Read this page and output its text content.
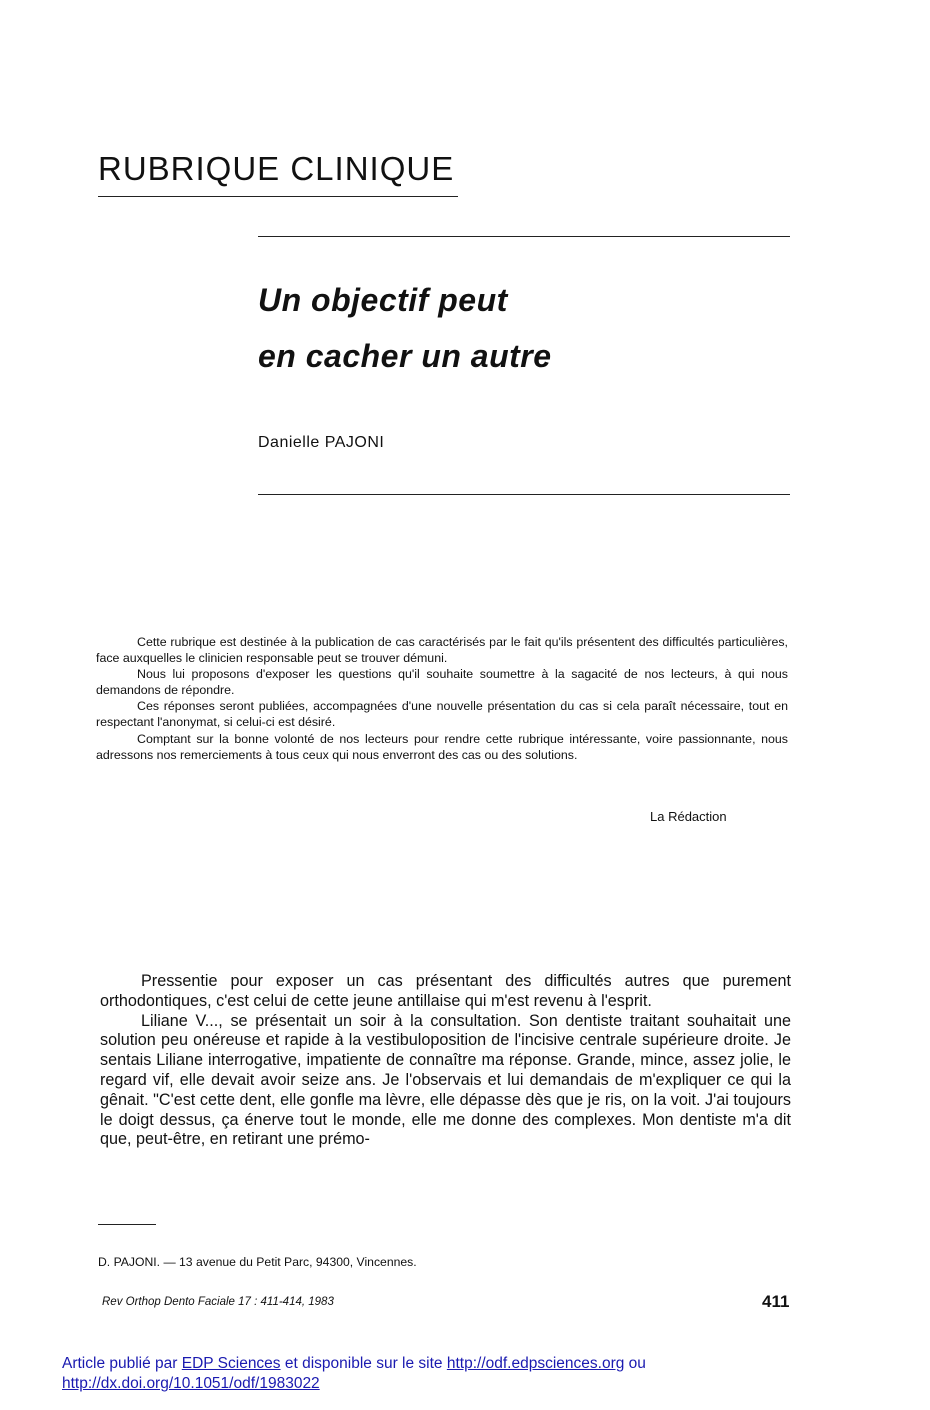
RUBRIQUE CLINIQUE
Un objectif peut
en cacher un autre
Danielle PAJONI

Cette rubrique est destinée à la publication de cas caractérisés par le fait qu'ils présentent des difficultés particulières, face auxquelles le clinicien responsable peut se trouver démuni.

Nous lui proposons d'exposer les questions qu'il souhaite soumettre à la sagacité de nos lecteurs, à qui nous demandons de répondre.

Ces réponses seront publiées, accompagnées d'une nouvelle présentation du cas si cela paraît nécessaire, tout en respectant l'anonymat, si celui-ci est désiré.

Comptant sur la bonne volonté de nos lecteurs pour rendre cette rubrique intéressante, voire passionnante, nous adressons nos remerciements à tous ceux qui nous enverront des cas ou des solutions.

La Rédaction

Pressentie pour exposer un cas présentant des difficultés autres que purement orthodontiques, c'est celui de cette jeune antillaise qui m'est revenu à l'esprit.

Liliane V..., se présentait un soir à la consultation. Son dentiste traitant souhaitait une solution peu onéreuse et rapide à la vestibuloposition de l'incisive centrale supérieure droite. Je sentais Liliane interrogative, impatiente de connaître ma réponse. Grande, mince, assez jolie, le regard vif, elle devait avoir seize ans. Je l'observais et lui demandais de m'expliquer ce qui la gênait. "C'est cette dent, elle gonfle ma lèvre, elle dépasse dès que je ris, on la voit. J'ai toujours le doigt dessus, ça énerve tout le monde, elle me donne des complexes. Mon dentiste m'a dit que, peut-être, en retirant une prémo-

D. PAJONI. — 13 avenue du Petit Parc, 94300, Vincennes.
Rev Orthop Dento Faciale 17 : 411-414, 1983	411
Article publié par EDP Sciences et disponible sur le site http://odf.edpsciences.org ou
http://dx.doi.org/10.1051/odf/1983022
